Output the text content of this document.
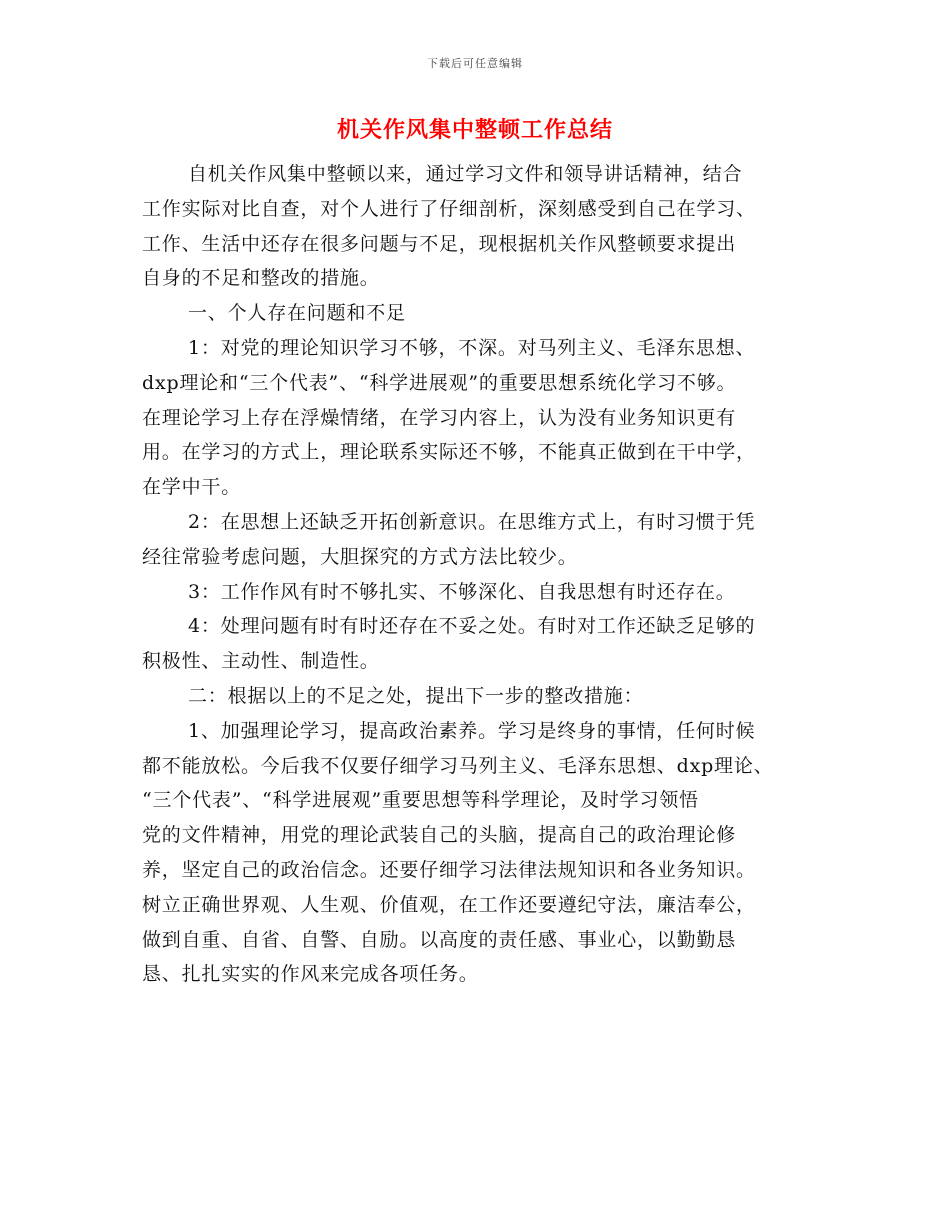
下载后可任意编辑
机关作风集中整顿工作总结
自机关作风集中整顿以来，通过学习文件和领导讲话精神，结合
工作实际对比自查，对个人进行了仔细剖析，深刻感受到自己在学习、
工作、生活中还存在很多问题与不足，现根据机关作风整顿要求提出
自身的不足和整改的措施。
一、个人存在问题和不足
1：对党的理论知识学习不够，不深。对马列主义、毛泽东思想、
dxp理论和“三个代表”、“科学进展观”的重要思想系统化学习不够。
在理论学习上存在浮燥情绪，在学习内容上，认为没有业务知识更有
用。在学习的方式上，理论联系实际还不够，不能真正做到在干中学，
在学中干。
2：在思想上还缺乏开拓创新意识。在思维方式上，有时习惯于凭
经往常验考虑问题，大胆探究的方式方法比较少。
3：工作作风有时不够扎实、不够深化、自我思想有时还存在。
4：处理问题有时有时还存在不妥之处。有时对工作还缺乏足够的
积极性、主动性、制造性。
二：根据以上的不足之处，提出下一步的整改措施：
1、加强理论学习，提高政治素养。学习是终身的事情，任何时候
都不能放松。今后我不仅要仔细学习马列主义、毛泽东思想、dxp理论、
“三个代表”、“科学进展观”重要思想等科学理论，及时学习领悟
党的文件精神，用党的理论武装自己的头脑，提高自己的政治理论修
养，坚定自己的政治信念。还要仔细学习法律法规知识和各业务知识。
树立正确世界观、人生观、价值观，在工作还要遵纪守法，廉洁奉公，
做到自重、自省、自警、自励。以高度的责任感、事业心，以勤勤恳
恳、扎扎实实的作风来完成各项任务。
